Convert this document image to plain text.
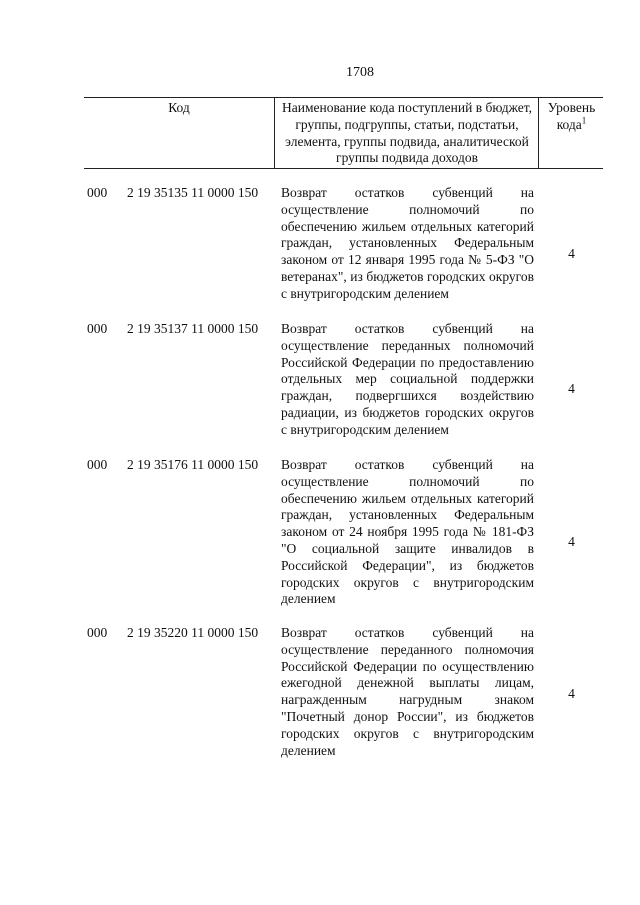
1708
Код	Наименование кода поступлений в бюджет, группы, подгруппы, статьи, подстатьи, элемента, группы подвида, аналитической группы подвида доходов
Уровень кода$^1$
000 2 19 35135 11 0000 150 Возврат остатков субвенций на осуществление полномочий по обеспечению жильем отдельных категорий граждан, установленных Федеральным законом от 12 января 1995 года № 5-ФЗ "О ветеранах", из бюджетов городских округов с внутригородским делением
4
000 2 19 35137 11 0000 150 Возврат остатков субвенций на осуществление переданных полномочий Российской Федерации по предоставлению отдельных мер социальной поддержки граждан, подвергшихся воздействию радиации, из бюджетов городских округов с внутригородским делением
4
000 2 19 35176 11 0000 150 Возврат остатков субвенций на осуществление полномочий по обеспечению жильем отдельных категорий граждан, установленных Федеральным законом от 24 ноября 1995 года № 181-ФЗ "О социальной защите инвалидов в Российской Федерации", из бюджетов городских округов с внутригородским делением
4
000 2 19 35220 11 0000 150 Возврат остатков субвенций на осуществление переданного полномочия Российской Федерации по осуществлению ежегодной денежной выплаты лицам, награжденным нагрудным знаком "Почетный донор России", из бюджетов городских округов с внутригородским делением
4
